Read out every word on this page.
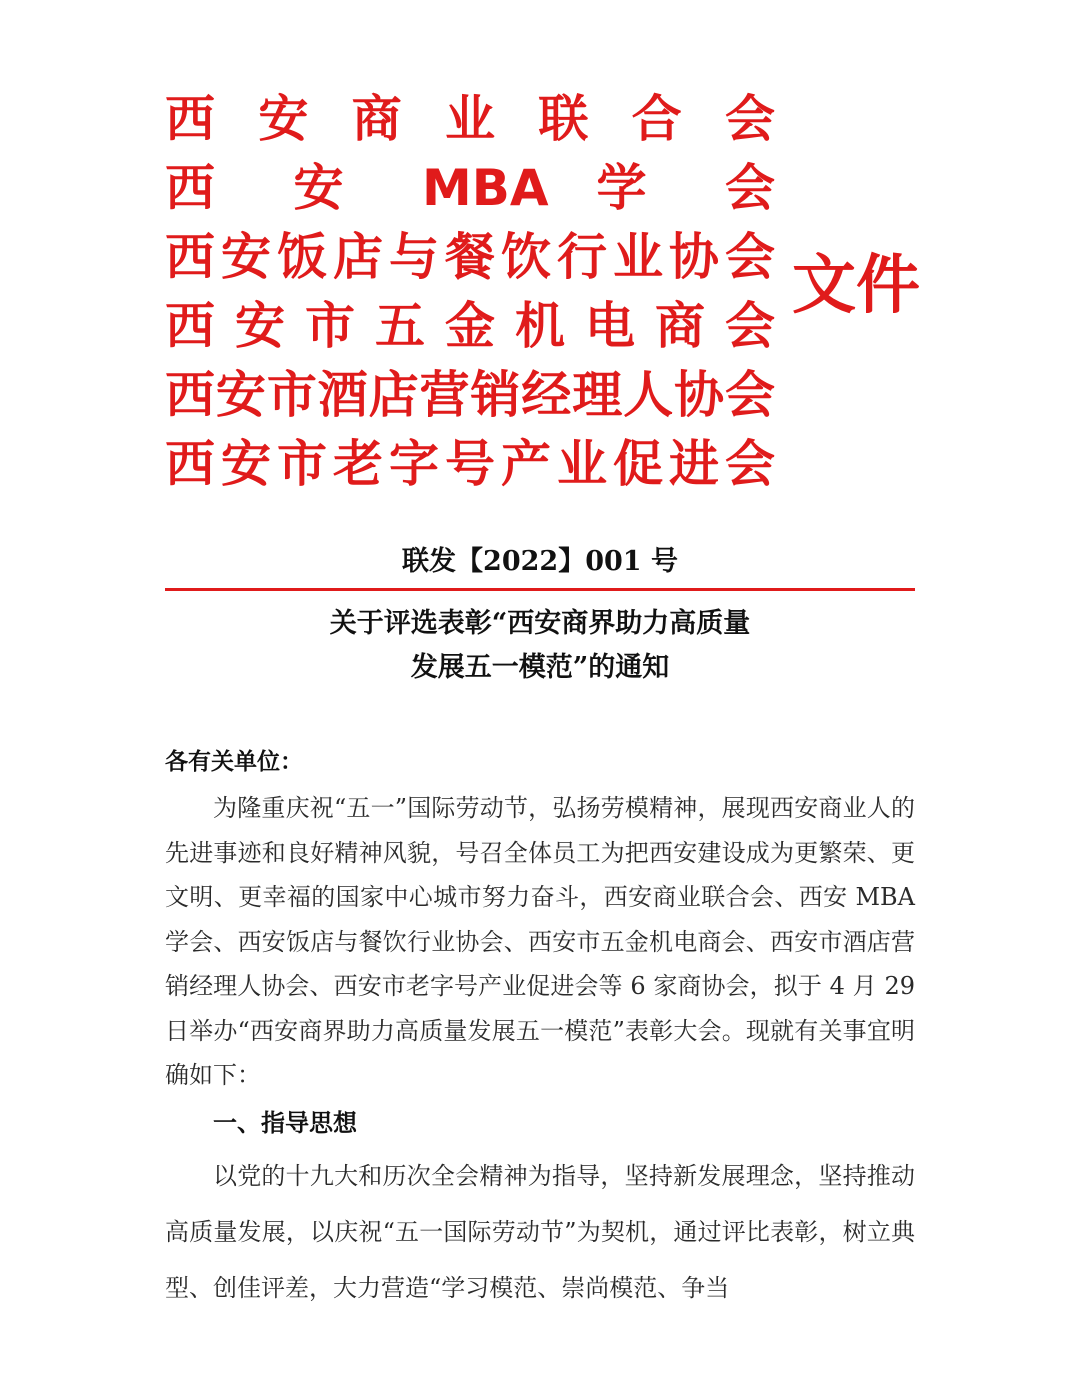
西 安 商 业 联 合 会
西 安 MBA 学 会
西安饭店与餐饮行业协会
西安市五金机电商会
西安市酒店营销经理人协会
西安市老字号产业促进会
文件
联发【2022】001 号
关于评选表彰“西安商界助力高质量
发展五一模范”的通知
各有关单位：

为隆重庆祝“五一”国际劳动节，弘扬劳模精神，展现西安商业人的先进事迹和良好精神风貌，号召全体员工为把西安建设成为更繁荣、更文明、更幸福的国家中心城市努力奋斗，西安商业联合会、西安 MBA 学会、西安饭店与餐饮行业协会、西安市五金机电商会、西安市酒店营销经理人协会、西安市老字号产业促进会等 6 家商协会，拟于 4 月 29 日举办“西安商界助力高质量发展五一模范”表彰大会。现就有关事宜明确如下：

一、指导思想

以党的十九大和历次全会精神为指导，坚持新发展理念，坚持推动高质量发展，以庆祝“五一国际劳动节”为契机，通过评比表彰，树立典型、创佳评差，大力营造“学习模范、崇尚模范、争当
